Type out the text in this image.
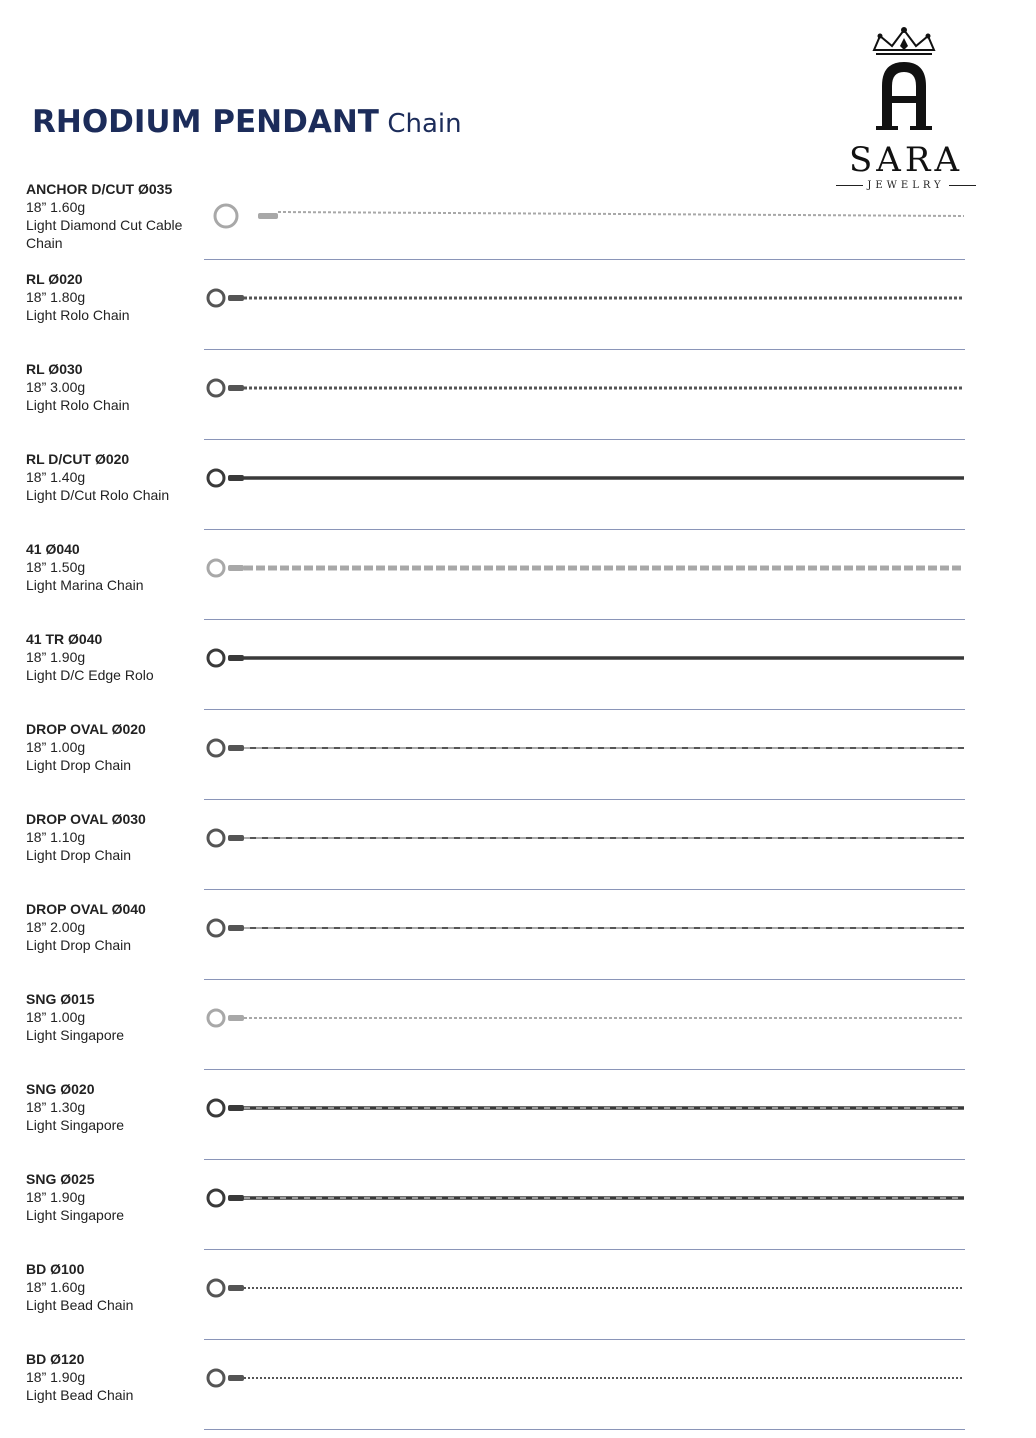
RHODIUM PENDANT Chain
SARA
JEWELRY
ANCHOR D/CUT Ø035
18” 1.60g
Light Diamond Cut Cable Chain
RL Ø020
18” 1.80g
Light Rolo Chain
RL Ø030
18” 3.00g
Light Rolo Chain
RL D/CUT Ø020
18” 1.40g
Light D/Cut Rolo Chain
41 Ø040
18” 1.50g
Light Marina Chain
41 TR Ø040
18” 1.90g
Light D/C Edge Rolo
DROP OVAL Ø020
18” 1.00g
Light Drop Chain
DROP OVAL Ø030
18” 1.10g
Light Drop Chain
DROP OVAL Ø040
18” 2.00g
Light Drop Chain
SNG Ø015
18” 1.00g
Light Singapore
SNG Ø020
18” 1.30g
Light Singapore
SNG Ø025
18” 1.90g
Light Singapore
BD Ø100
18” 1.60g
Light Bead Chain
BD Ø120
18” 1.90g
Light Bead Chain
